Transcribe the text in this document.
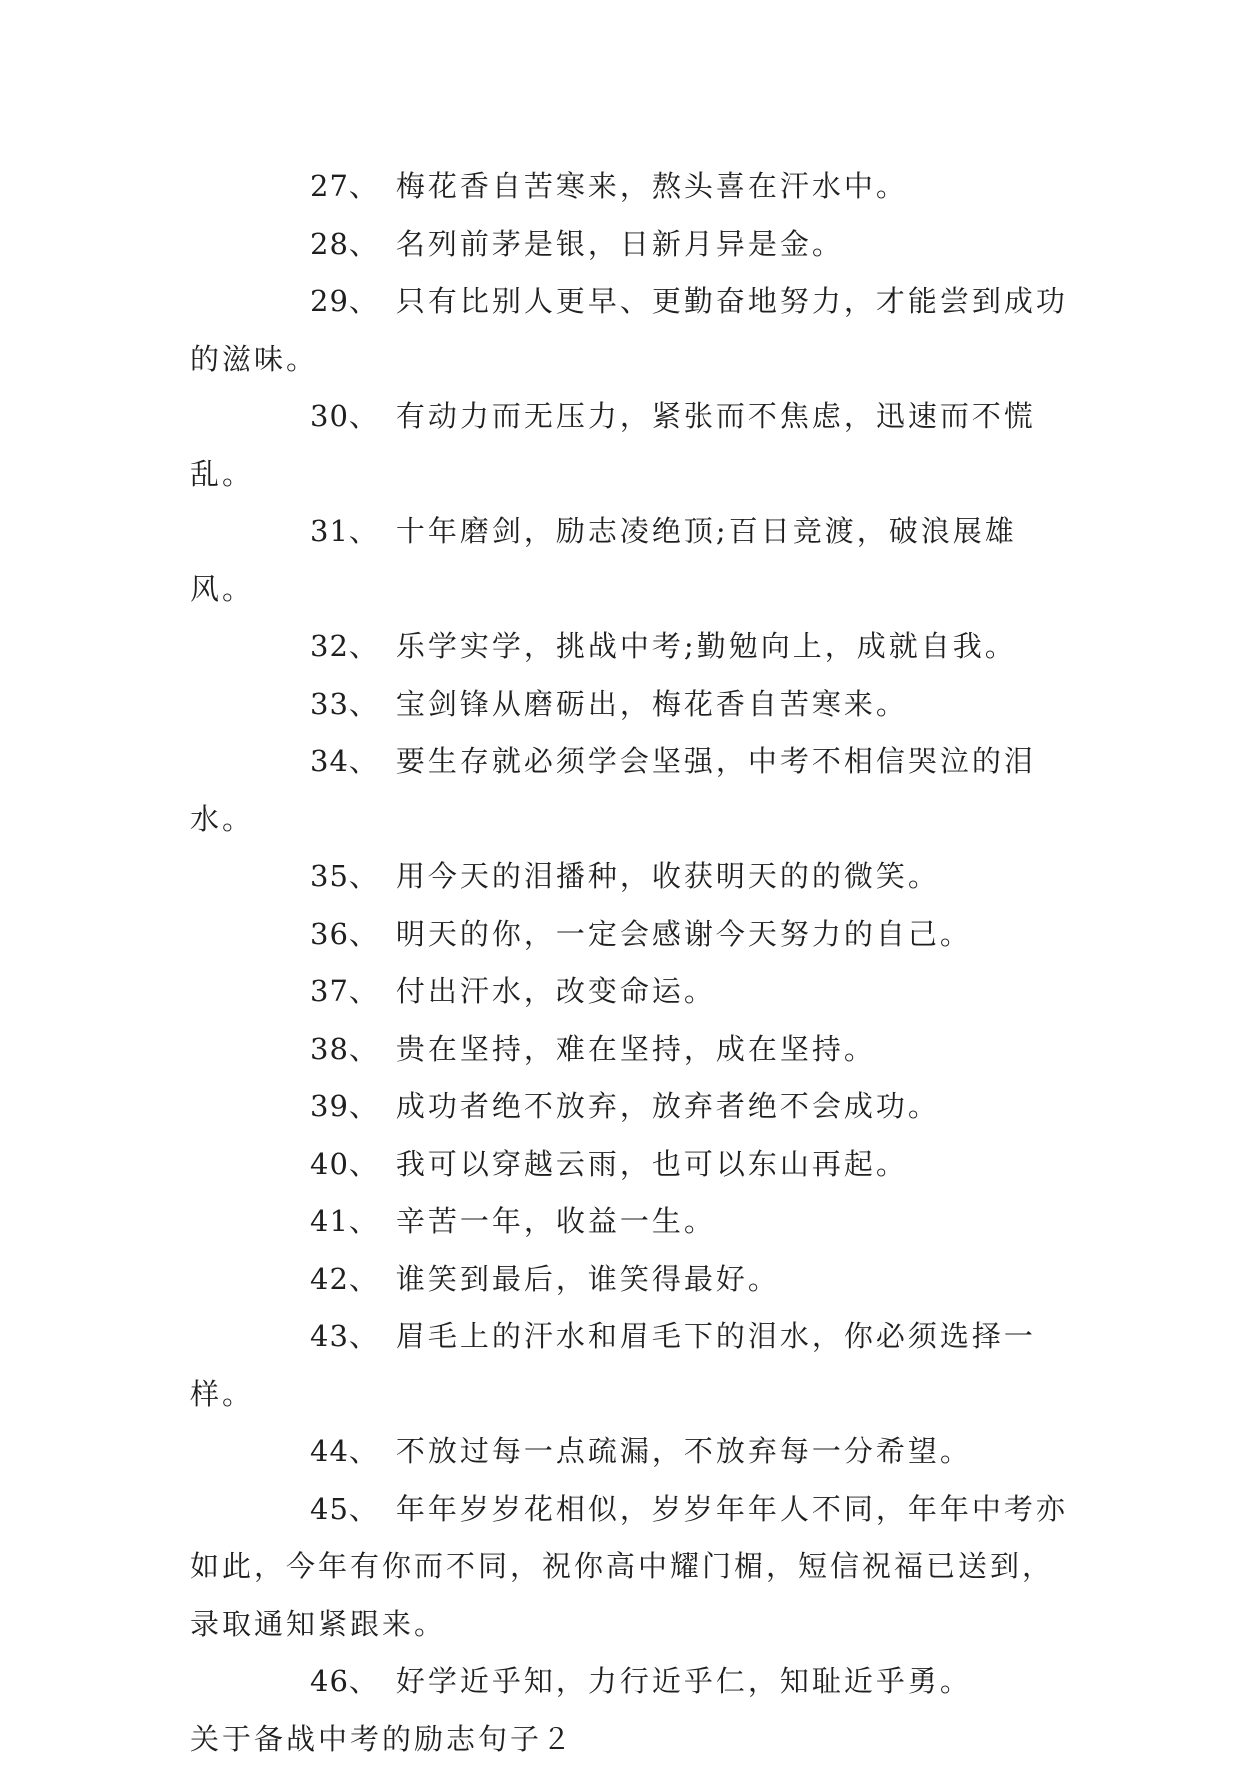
27、 梅花香自苦寒来，熬头喜在汗水中。

28、 名列前茅是银，日新月异是金。

29、 只有比别人更早、更勤奋地努力，才能尝到成功的滋味。

30、 有动力而无压力，紧张而不焦虑，迅速而不慌乱。

31、 十年磨剑，励志凌绝顶;百日竞渡，破浪展雄风。

32、 乐学实学，挑战中考;勤勉向上，成就自我。

33、 宝剑锋从磨砺出，梅花香自苦寒来。

34、 要生存就必须学会坚强，中考不相信哭泣的泪水。

35、 用今天的泪播种，收获明天的的微笑。

36、 明天的你，一定会感谢今天努力的自己。

37、 付出汗水，改变命运。

38、 贵在坚持，难在坚持，成在坚持。

39、 成功者绝不放弃，放弃者绝不会成功。

40、 我可以穿越云雨，也可以东山再起。

41、 辛苦一年，收益一生。

42、 谁笑到最后，谁笑得最好。

43、 眉毛上的汗水和眉毛下的泪水，你必须选择一样。

44、 不放过每一点疏漏，不放弃每一分希望。

45、 年年岁岁花相似，岁岁年年人不同，年年中考亦如此，今年有你而不同，祝你高中耀门楣，短信祝福已送到，录取通知紧跟来。

46、 好学近乎知，力行近乎仁，知耻近乎勇。

关于备战中考的励志句子２
